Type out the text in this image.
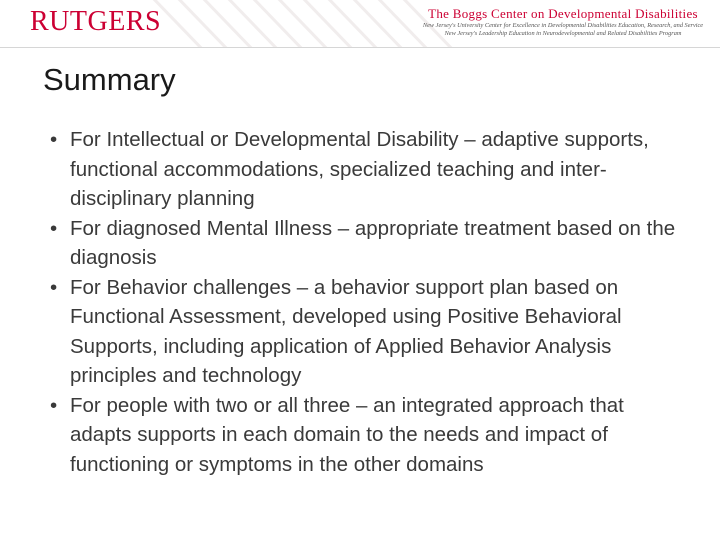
RUTGERS	The Boggs Center on Developmental Disabilities
New Jersey's University Center for Excellence in Developmental Disabilities Education, Research, and Service
New Jersey's Leadership Education in Neurodevelopmental and Related Disabilities Program
Summary
• For Intellectual or Developmental Disability – adaptive supports, functional accommodations, specialized teaching and inter-disciplinary planning
• For diagnosed Mental Illness – appropriate treatment based on the diagnosis
• For Behavior challenges – a behavior support plan based on Functional Assessment, developed using Positive Behavioral Supports, including application of Applied Behavior Analysis principles and technology
• For people with two or all three – an integrated approach that adapts supports in each domain to the needs and impact of functioning or symptoms in the other domains
